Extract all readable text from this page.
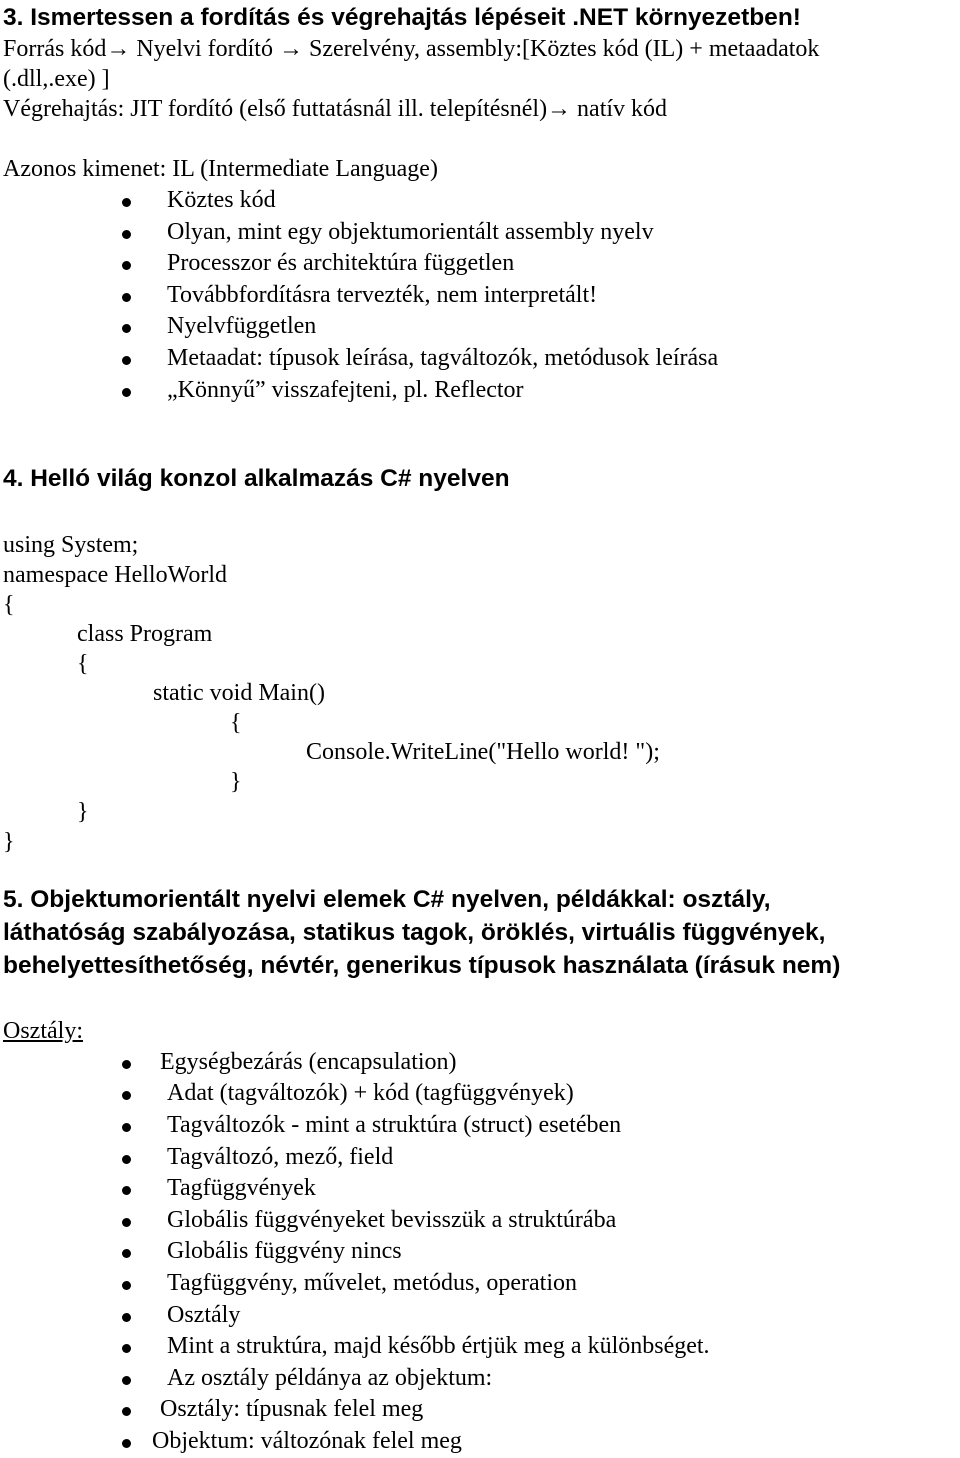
3. Ismertessen a fordítás és végrehajtás lépéseit .NET környezetben!
Forrás kód→ Nyelvi fordító → Szerelvény, assembly:[Köztes kód (IL) + metaadatok
(.dll,.exe) ]
Végrehajtás: JIT fordító (első futtatásnál ill. telepítésnél)→ natív kód
Azonos kimenet: IL (Intermediate Language)
Köztes kód
Olyan, mint egy objektumorientált assembly nyelv
Processzor és architektúra független
Továbbfordításra tervezték, nem interpretált!
Nyelvfüggetlen
Metaadat: típusok leírása, tagváltozók, metódusok leírása
„Könnyű” visszafejteni, pl. Reflector
4. Helló világ konzol alkalmazás C# nyelven
using System;
namespace HelloWorld
{
class Program
{
static void Main()
{
Console.WriteLine("Hello world! ");
}
}
}
5. Objektumorientált nyelvi elemek C# nyelven, példákkal: osztály,
láthatóság szabályozása, statikus tagok, öröklés, virtuális függvények,
behelyettesíthetőség, névtér, generikus típusok használata (írásuk nem)
Osztály:
Egységbezárás (encapsulation)
Adat (tagváltozók) + kód (tagfüggvények)
Tagváltozók - mint a struktúra (struct) esetében
Tagváltozó, mező, field
Tagfüggvények
Globális függvényeket bevisszük a struktúrába
Globális függvény nincs
Tagfüggvény, művelet, metódus, operation
Osztály
Mint a struktúra, majd később értjük meg a különbséget.
Az osztály példánya az objektum:
Osztály: típusnak felel meg
Objektum: változónak felel meg
